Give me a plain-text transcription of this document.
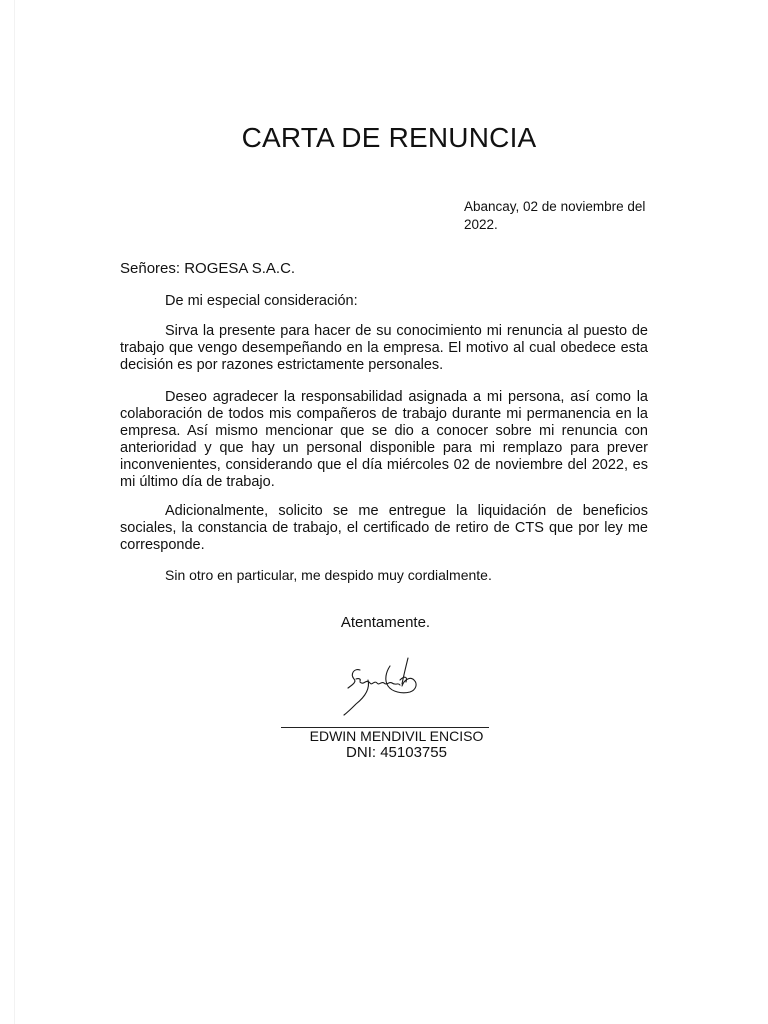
CARTA DE RENUNCIA
Abancay, 02 de noviembre del 2022.
Señores: ROGESA S.A.C.
De mi especial consideración:

Sirva la presente para hacer de su conocimiento mi renuncia al puesto de trabajo que vengo desempeñando en la empresa. El motivo al cual obedece esta decisión es por razones estrictamente personales.

Deseo agradecer la responsabilidad asignada a mi persona, así como la colaboración de todos mis compañeros de trabajo durante mi permanencia en la empresa. Así mismo mencionar que se dio a conocer sobre mi renuncia con anterioridad y que hay un personal disponible para mi remplazo para prever inconvenientes, considerando que el día miércoles 02 de noviembre del 2022, es mi último día de trabajo.

Adicionalmente, solicito se me entregue la liquidación de beneficios sociales, la constancia de trabajo, el certificado de retiro de CTS que por ley me corresponde.

Sin otro en particular, me despido muy cordialmente.
Atentamente.
EDWIN MENDIVIL ENCISO
DNI: 45103755
